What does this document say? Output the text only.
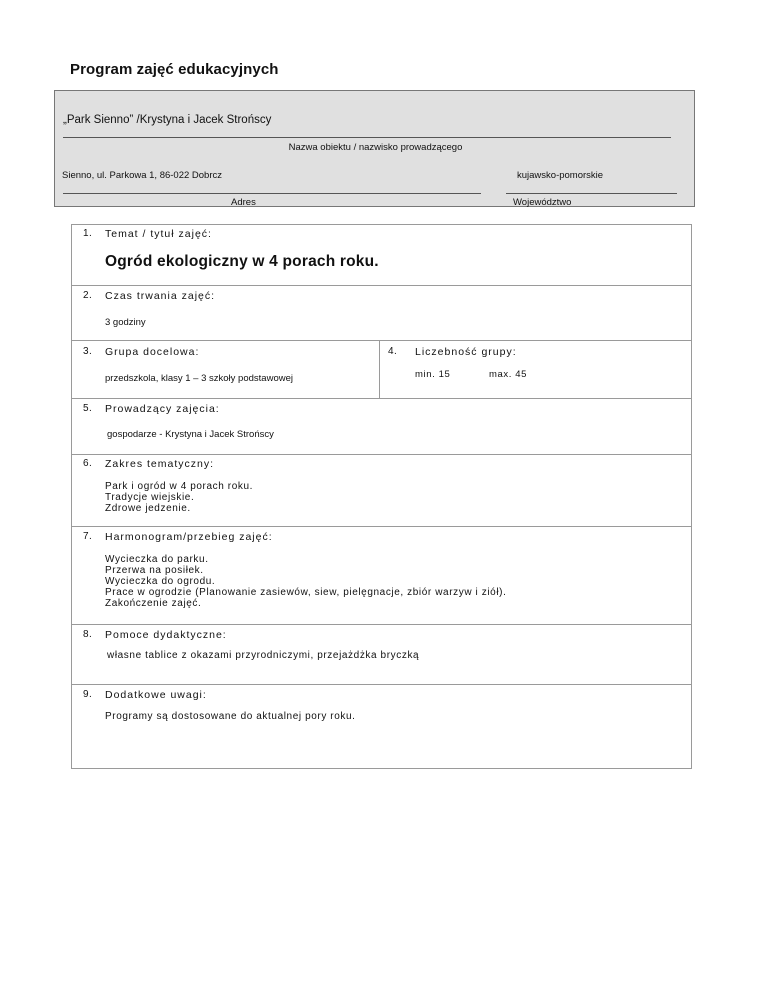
Program zajęć edukacyjnych
„Park Sienno” /Krystyna i Jacek Strońscy
Nazwa obiektu / nazwisko prowadzącego
Sienno, ul. Parkowa 1, 86-022 Dobrcz	kujawsko-pomorskie
Adres	Województwo
1. Temat / tytuł zajęć:
Ogród ekologiczny w 4 porach roku.
2. Czas trwania zajęć:
3 godziny
3. Grupa docelowa:
przedszkola, klasy 1 – 3 szkoły podstawowej
4. Liczebność grupy:
min. 15	max. 45
5. Prowadzący zajęcia:
gospodarze - Krystyna i Jacek Strońscy
6. Zakres tematyczny:
Park i ogród w 4 porach roku.
Tradycje wiejskie.
Zdrowe jedzenie.
7. Harmonogram/przebieg zajęć:
Wycieczka do parku.
Przerwa na posiłek.
Wycieczka do ogrodu.
Prace w ogrodzie (Planowanie zasiewów, siew, pielęgnacje, zbiór warzyw i ziół).
Zakończenie zajęć.
8. Pomoce dydaktyczne:
własne tablice z okazami przyrodniczymi, przejażdżka bryczką
9. Dodatkowe uwagi:
Programy są dostosowane do aktualnej pory roku.
